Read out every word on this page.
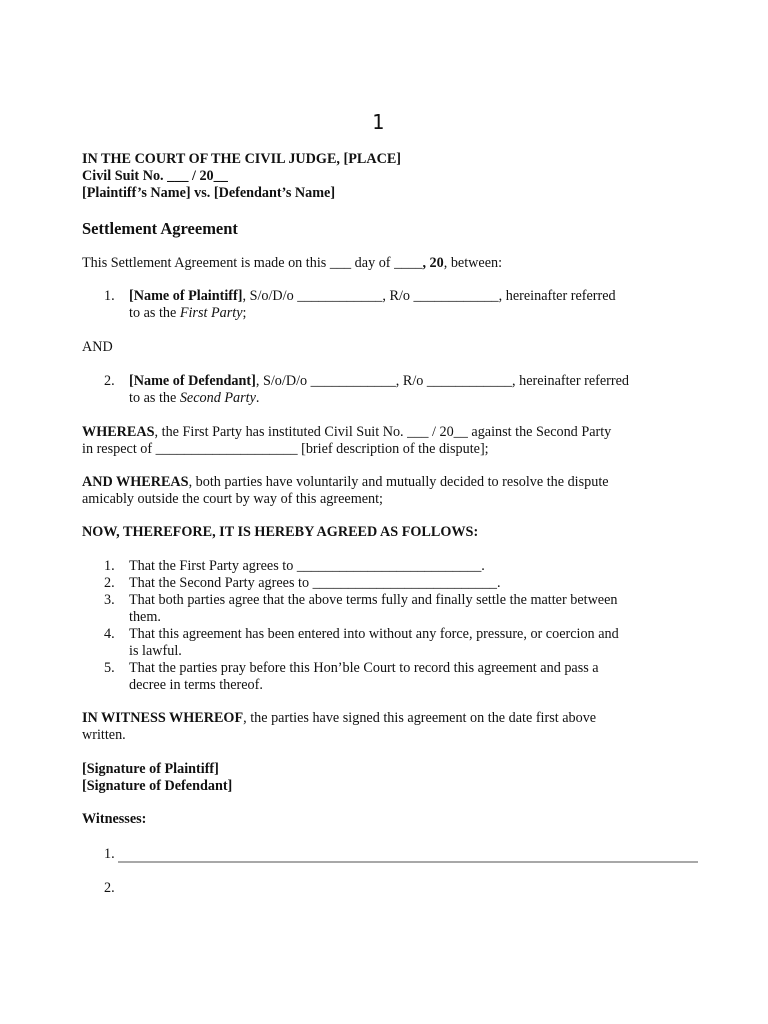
1
IN THE COURT OF THE CIVIL JUDGE, [PLACE]
Civil Suit No. ___ / 20__
[Plaintiff’s Name] vs. [Defendant’s Name]
Settlement Agreement
This Settlement Agreement is made on this ___ day of ____, 20, between:
1.	[Name of Plaintiff], S/o/D/o ____________, R/o ____________, hereinafter referred
to as the First Party;
AND
2.	[Name of Defendant], S/o/D/o ____________, R/o ____________, hereinafter referred
to as the Second Party.
WHEREAS, the First Party has instituted Civil Suit No. ___ / 20__ against the Second Party
in respect of ____________________ [brief description of the dispute];
AND WHEREAS, both parties have voluntarily and mutually decided to resolve the dispute
amicably outside the court by way of this agreement;
NOW, THEREFORE, IT IS HEREBY AGREED AS FOLLOWS:
1.	That the First Party agrees to __________________________.
2.	That the Second Party agrees to __________________________.
3.	That both parties agree that the above terms fully and finally settle the matter between
them.
4.	That this agreement has been entered into without any force, pressure, or coercion and
is lawful.
5.	That the parties pray before this Hon’ble Court to record this agreement and pass a
decree in terms thereof.
IN WITNESS WHEREOF, the parties have signed this agreement on the date first above
written.
[Signature of Plaintiff]
[Signature of Defendant]
Witnesses:
1.
2.
